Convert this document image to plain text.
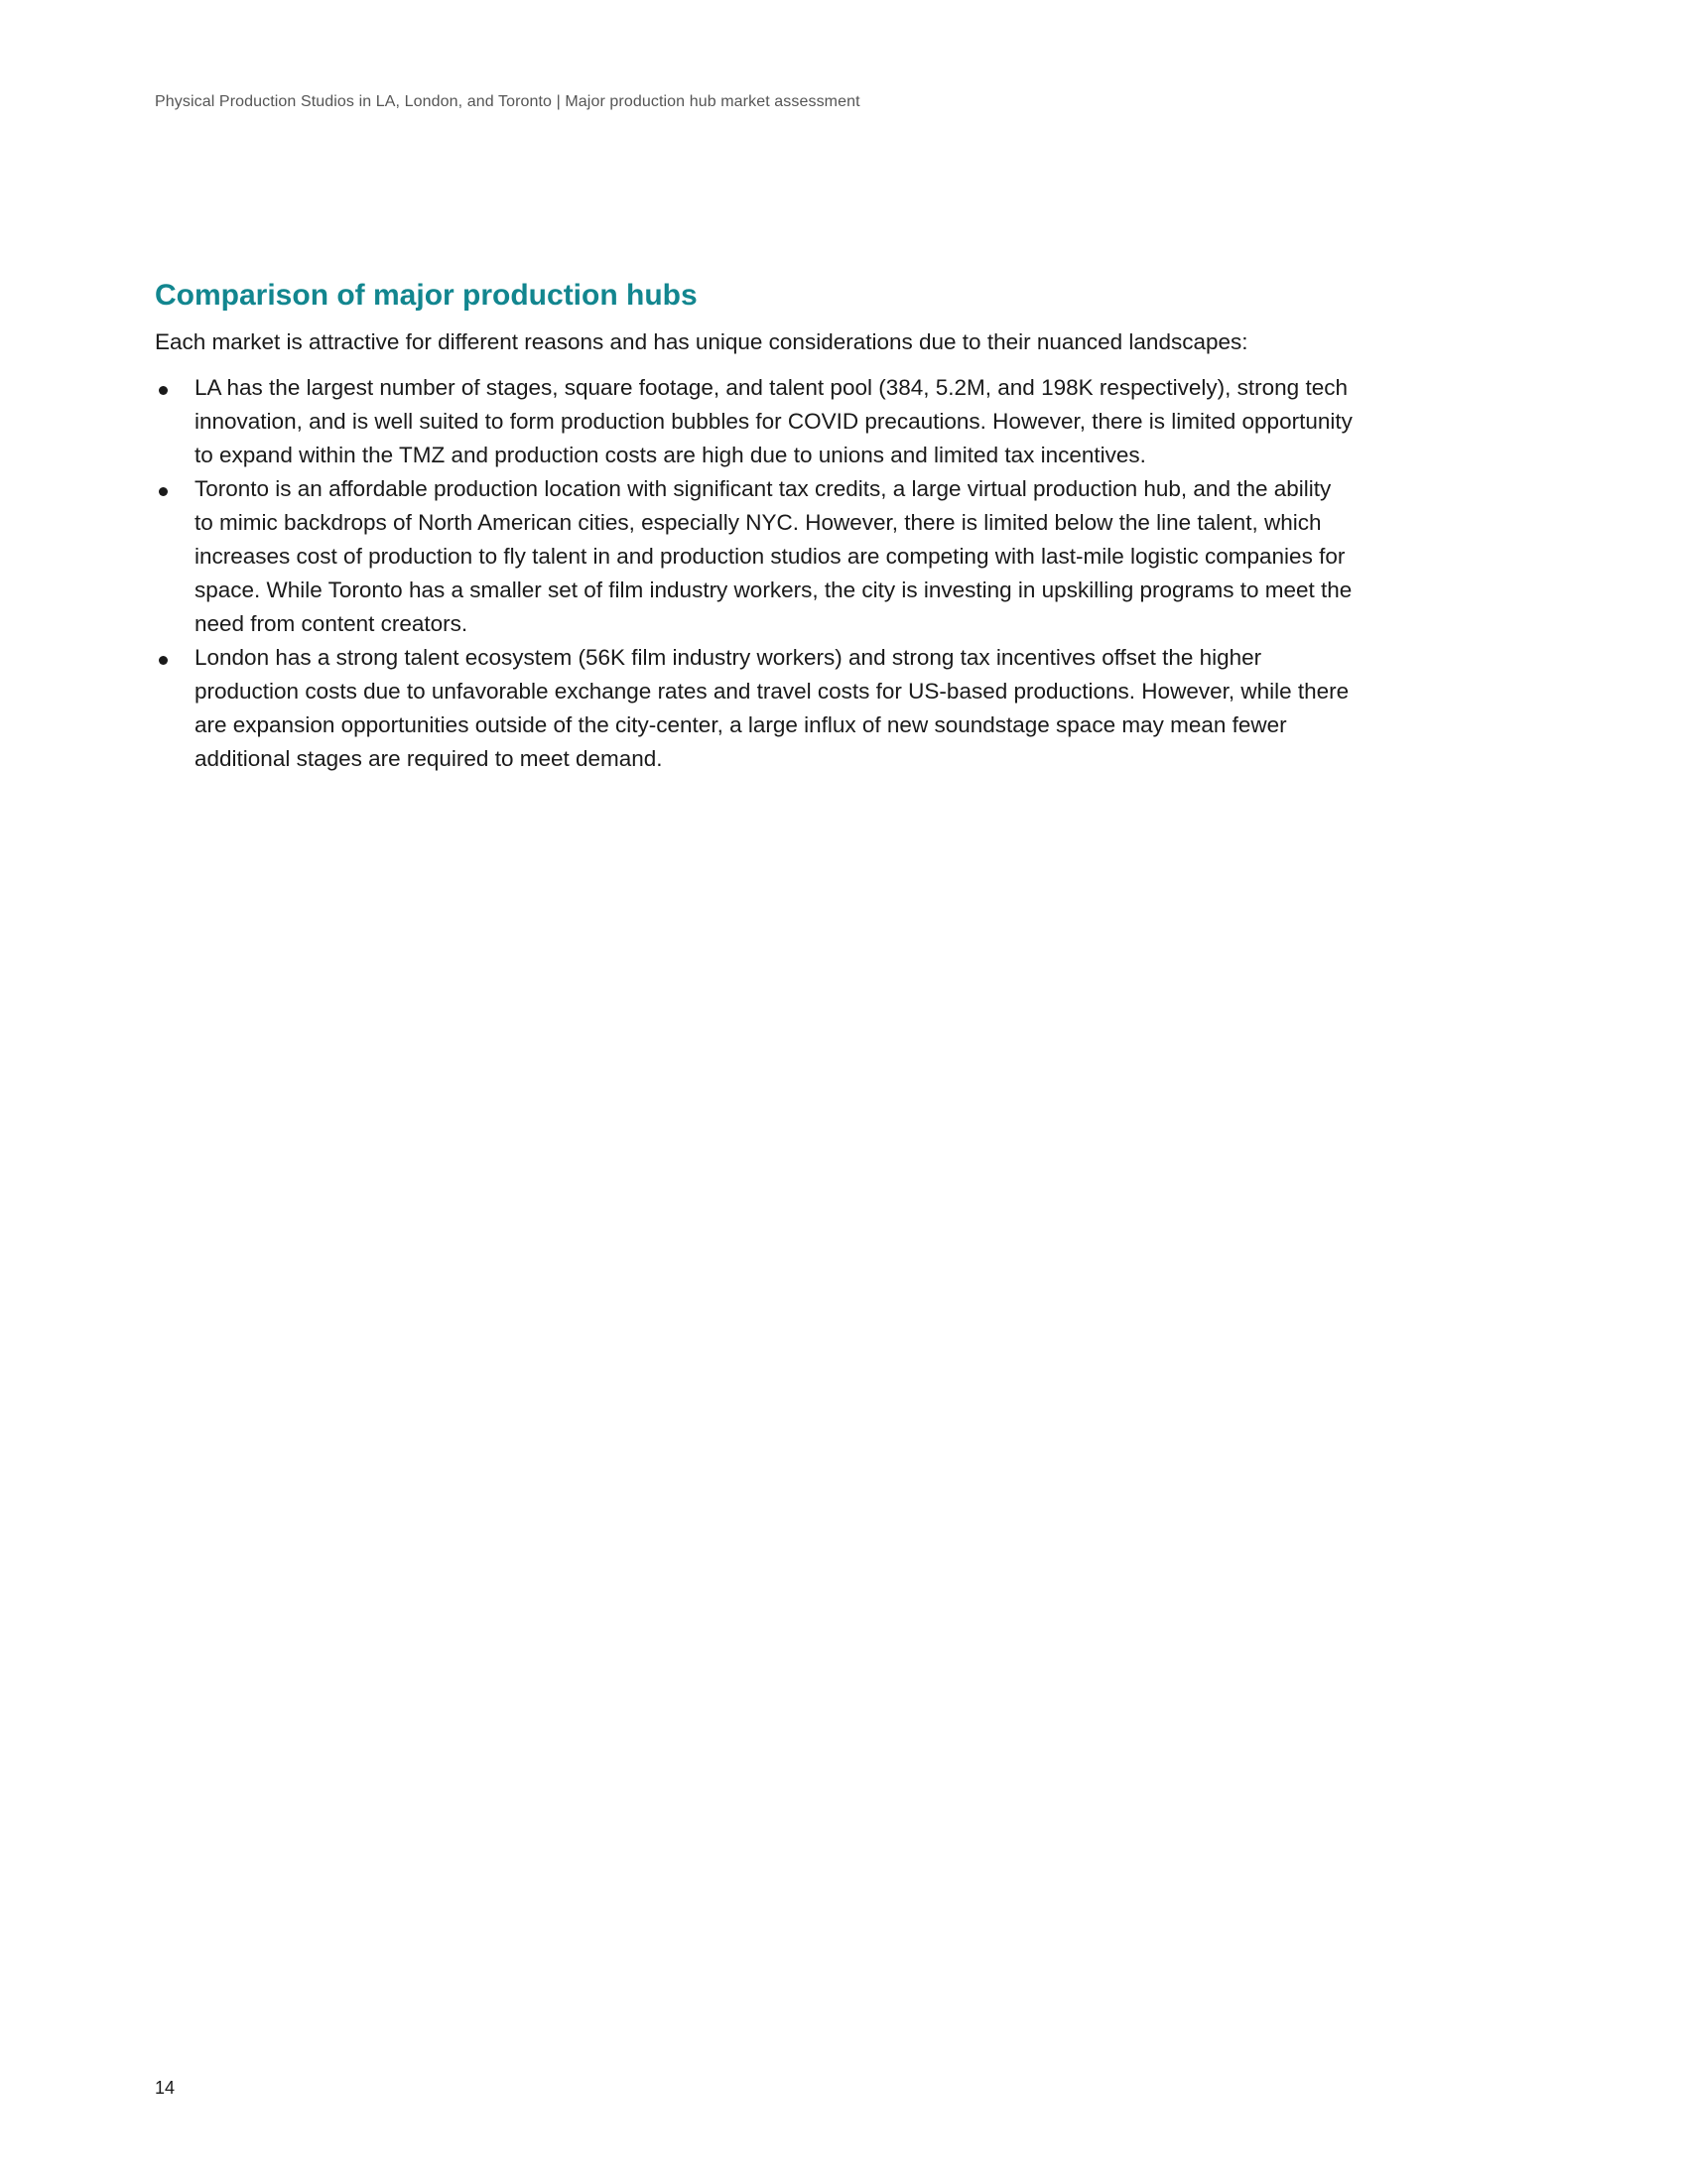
Physical Production Studios in LA, London, and Toronto | Major production hub market assessment
Comparison of major production hubs

Each market is attractive for different reasons and has unique considerations due to their nuanced landscapes:

LA has the largest number of stages, square footage, and talent pool (384, 5.2M, and 198K respectively), strong tech
innovation, and is well suited to form production bubbles for COVID precautions. However, there is limited opportunity
to expand within the TMZ and production costs are high due to unions and limited tax incentives.
Toronto is an affordable production location with significant tax credits, a large virtual production hub, and the ability
to mimic backdrops of North American cities, especially NYC. However, there is limited below the line talent, which
increases cost of production to fly talent in and production studios are competing with last-mile logistic companies for
space. While Toronto has a smaller set of film industry workers, the city is investing in upskilling programs to meet the
need from content creators.
London has a strong talent ecosystem (56K film industry workers) and strong tax incentives offset the higher
production costs due to unfavorable exchange rates and travel costs for US-based productions. However, while there
are expansion opportunities outside of the city-center, a large influx of new soundstage space may mean fewer
additional stages are required to meet demand.
14
